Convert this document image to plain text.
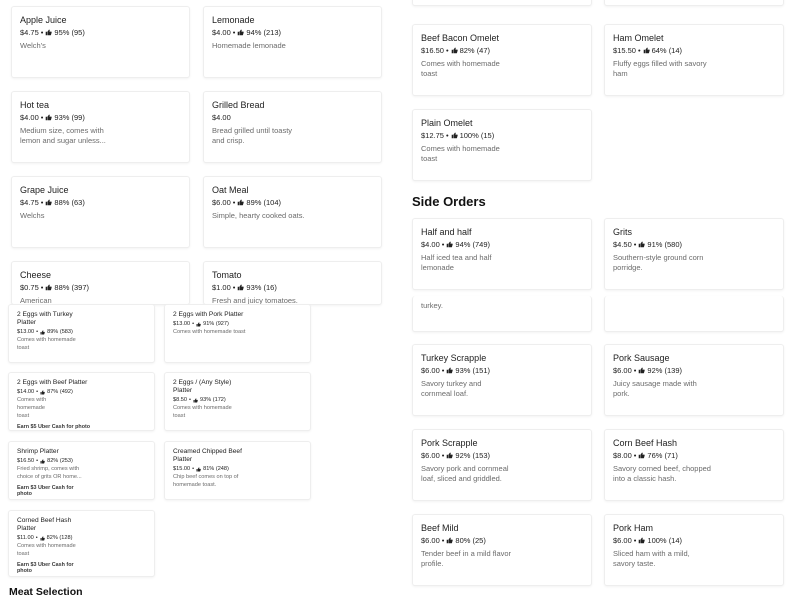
Apple Juice
$4.75 • 95% (95)
Welch's
Hot tea
$4.00 • 93% (99)
Medium size, comes with lemon and sugar unless...
Grape Juice
$4.75 • 88% (63)
Welchs
Cheese
$0.75 • 88% (397)
American
Lemonade
$4.00 • 94% (213)
Homemade lemonade
Grilled Bread
$4.00
Bread grilled until toasty and crisp.
Oat Meal
$6.00 • 89% (104)
Simple, hearty cooked oats.
Tomato
$1.00 • 93% (16)
Fresh and juicy tomatoes.
Beef Bacon Omelet
$16.50 • 82% (47)
Comes with homemade toast
Ham Omelet
$15.50 • 64% (14)
Fluffy eggs filled with savory ham
Plain Omelet
$12.75 • 100% (15)
Comes with homemade toast
Side Orders
Half and half
$4.00 • 94% (749)
Half iced tea and half lemonade
Grits
$4.50 • 91% (580)
Southern-style ground corn porridge.
turkey.
Turkey Scrapple
$6.00 • 93% (151)
Savory turkey and cornmeal loaf.
Pork Sausage
$6.00 • 92% (139)
Juicy sausage made with pork.
Pork Scrapple
$6.00 • 92% (153)
Savory pork and cornmeal loaf, sliced and griddled.
Corn Beef Hash
$8.00 • 76% (71)
Savory corned beef, chopped into a classic hash.
Beef Mild
$6.00 • 80% (25)
Tender beef in a mild flavor profile.
Pork Ham
$6.00 • 100% (14)
Sliced ham with a mild, savory taste.
2 Eggs with Turkey Platter
$13.00 • 89% (583)
Comes with homemade toast
2 Eggs with Pork Platter
$13.00 • 91% (927)
Comes with homemade toast
2 Eggs with Beef Platter
$14.00 • 87% (492)
Comes with homemade toast
Earn $5 Uber Cash for photo
2 Eggs / (Any Style) Platter
$8.50 • 93% (172)
Comes with homemade toast
Shrimp Platter
$16.50 • 82% (253)
Fried shrimp, comes with choice of grits OR home...
Earn $3 Uber Cash for photo
Creamed Chipped Beef Platter
$15.00 • 81% (248)
Chip beef comes on top of homemade toast.
Corned Beef Hash Platter
$11.00 • 82% (128)
Comes with homemade toast
Earn $3 Uber Cash for photo
Meat Selection
